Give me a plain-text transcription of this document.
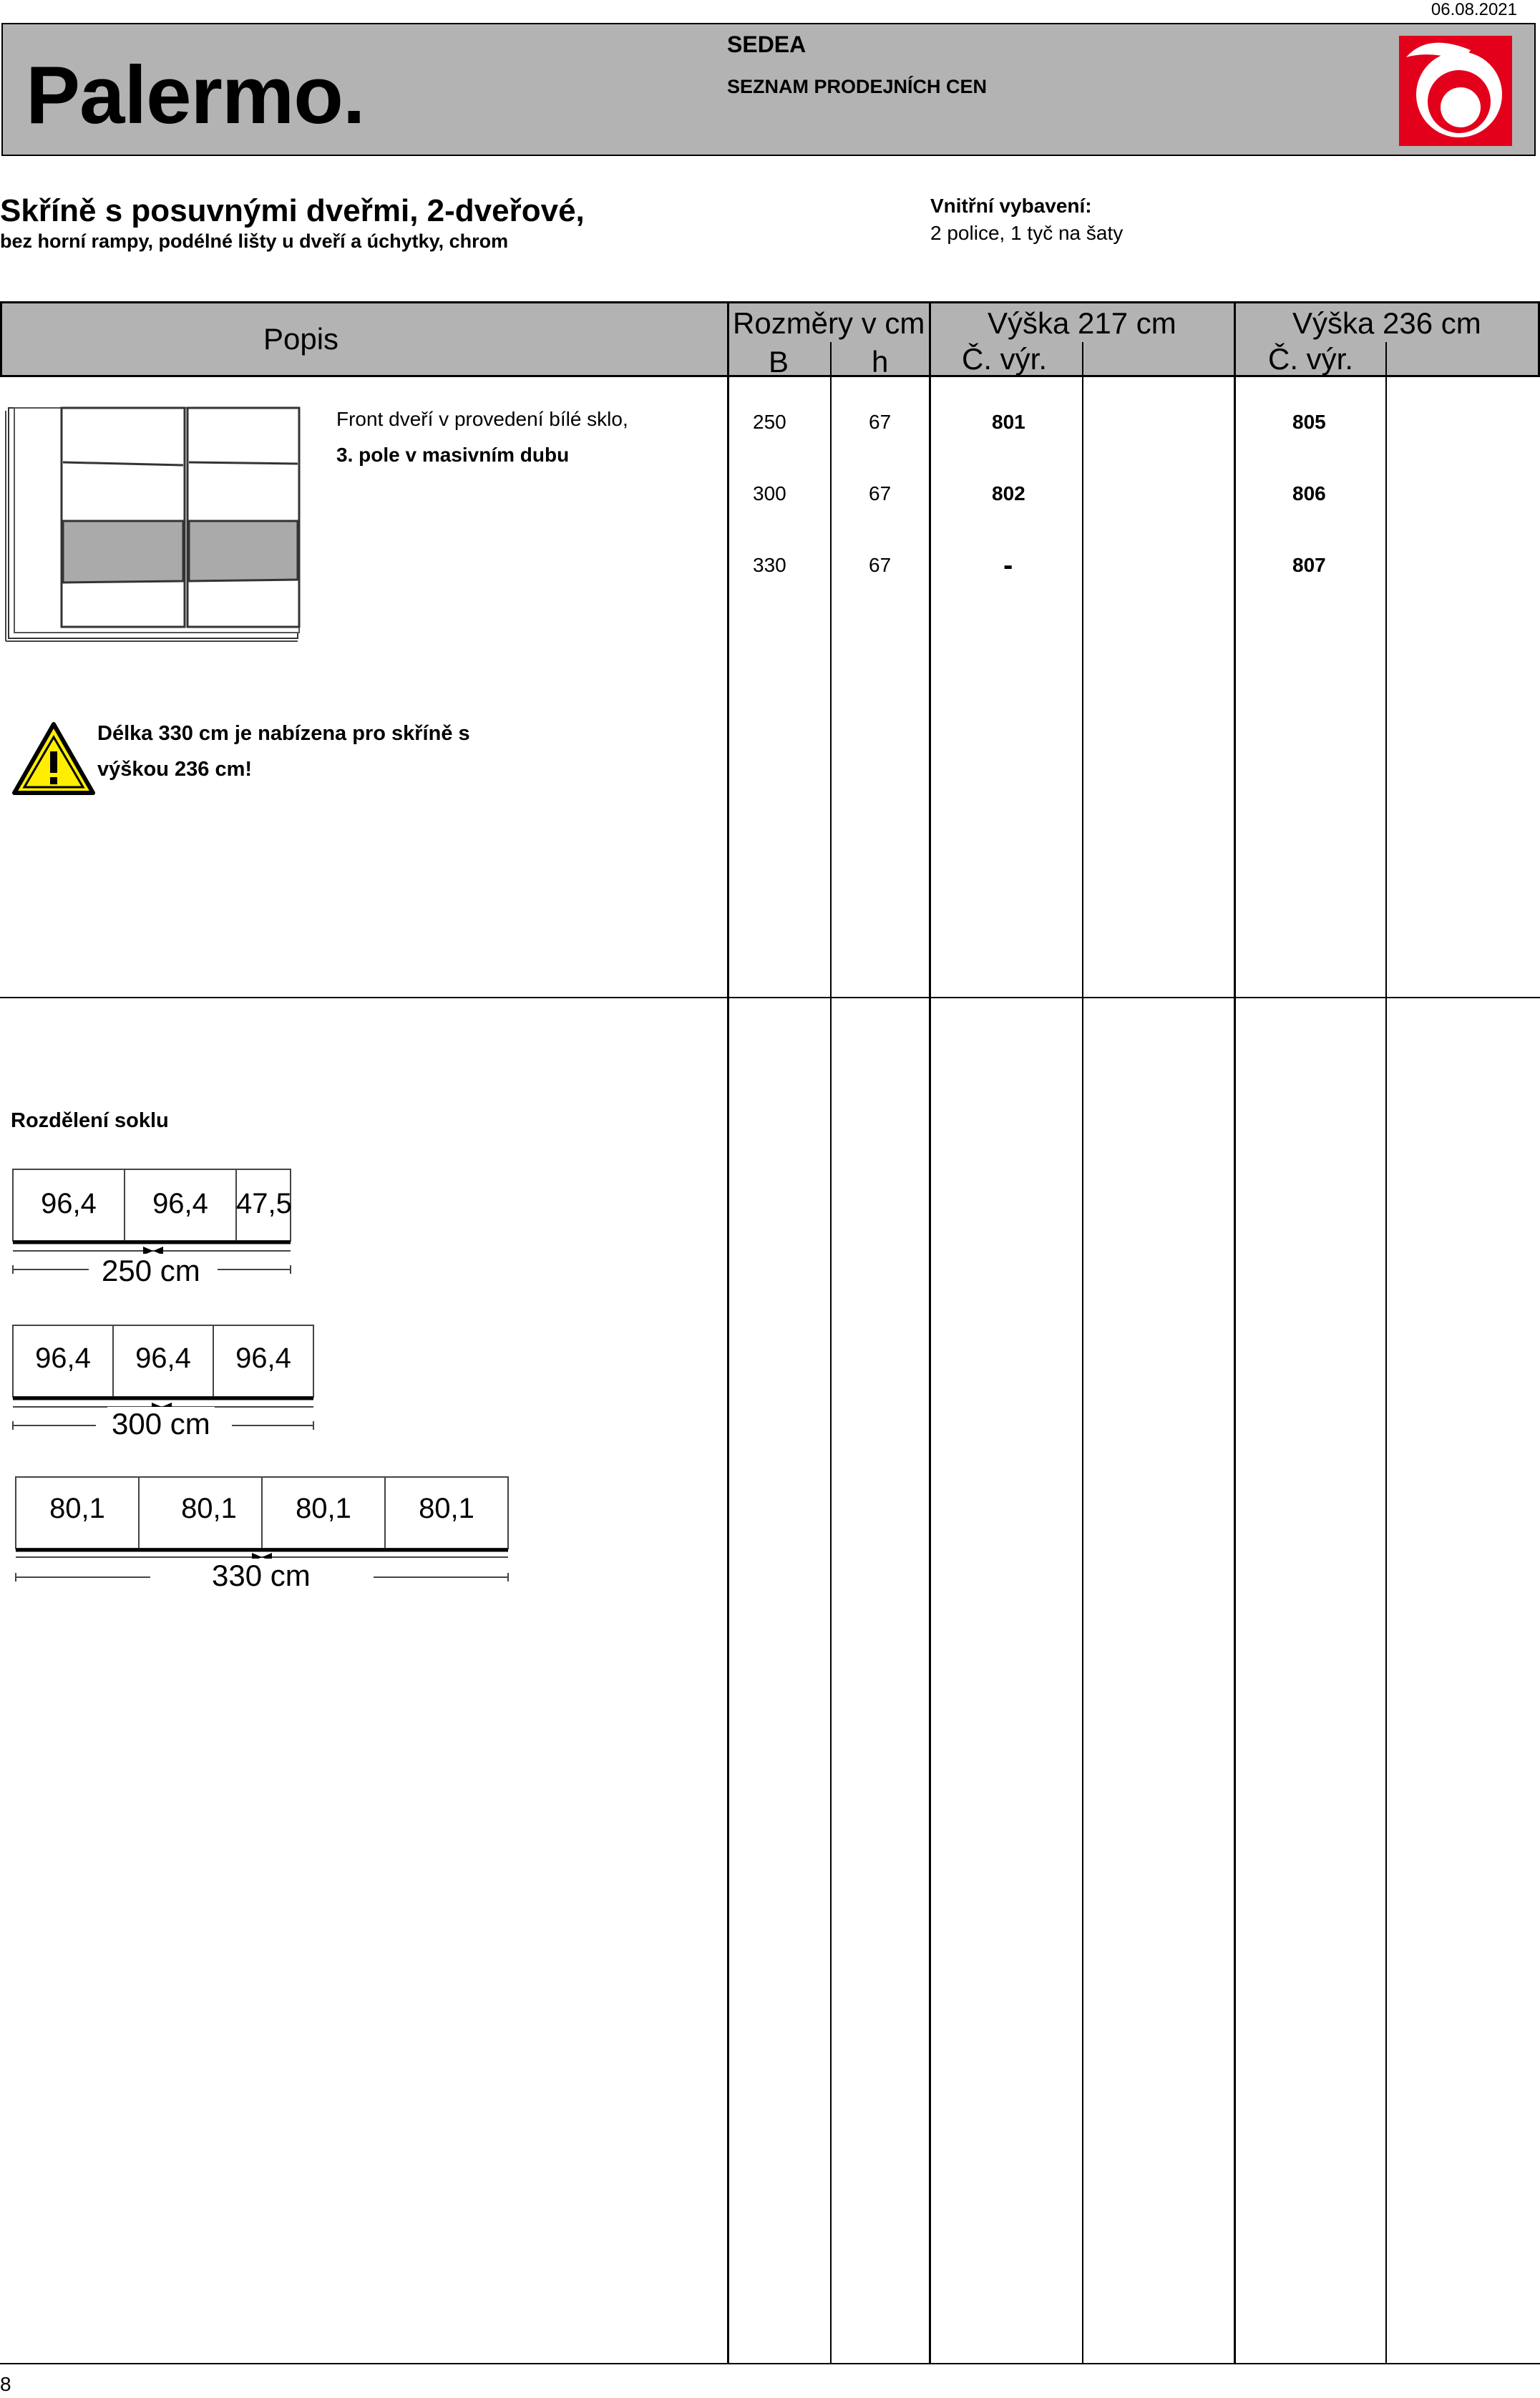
06.08.2021
Palermo.
SEDEA
SEZNAM PRODEJNÍCH CEN
Skříně s posuvnými dveřmi, 2-dveřové,
bez horní rampy, podélné lišty u dveří a úchytky, chrom
Vnitřní vybavení:
2 police, 1 tyč na šaty
Popis	Rozměry v cm
B	h
Výška 217 cm
Č. výr.
Výška 236 cm
Č. výr.
Front dveří v provedení bílé sklo,
3. pole v masivním dubu
250	67	801	805
300	67	802	806
330	67	-	807
Délka 330 cm je nabízena pro skříně s výškou 236 cm!
Rozdělení soklu
96,4	96,4 47,5
250 cm
96,4	96,4	96,4
300 cm
80,1	80,1	80,1	80,1
330 cm
8
